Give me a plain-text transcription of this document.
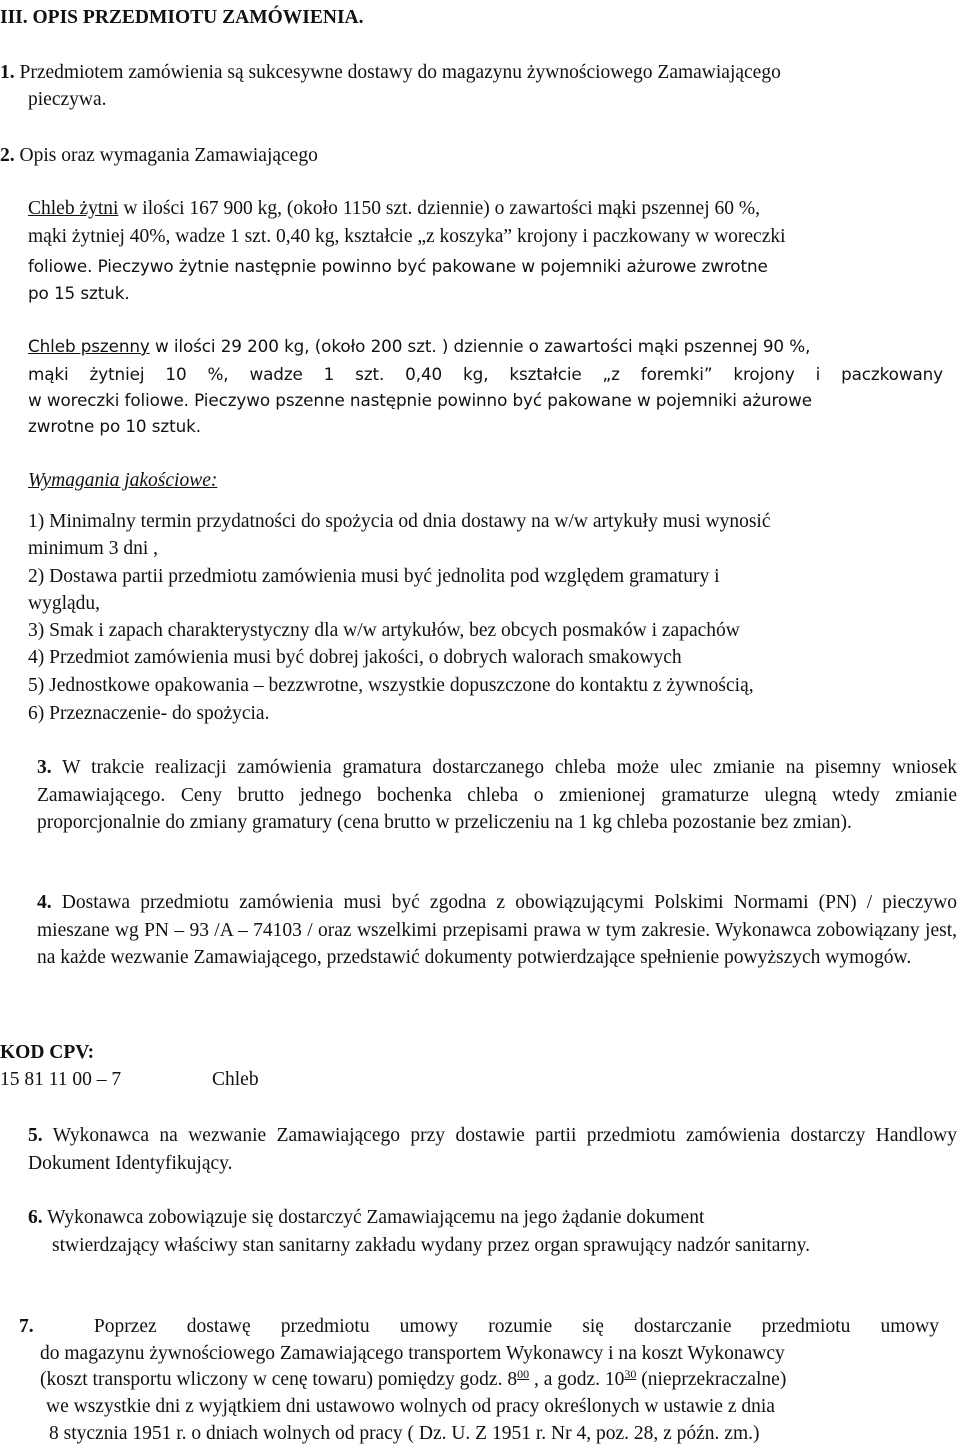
III. OPIS PRZEDMIOTU ZAMÓWIENIA.
1. Przedmiotem zamówienia są sukcesywne dostawy do magazynu żywnościowego Zamawiającego
pieczywa.
2. Opis oraz wymagania Zamawiającego
Chleb żytni w ilości 167 900 kg, (około 1150 szt. dziennie) o zawartości mąki pszennej 60 %,
mąki żytniej 40%, wadze 1 szt. 0,40 kg, kształcie „z koszyka” krojony i paczkowany w woreczki
foliowe. Pieczywo żytnie następnie powinno być pakowane w pojemniki ażurowe zwrotne
po 15 sztuk.
Chleb pszenny w ilości 29 200 kg, (około 200 szt. ) dziennie o zawartości mąki pszennej 90 %,
mąki żytniej 10 %, wadze 1 szt. 0,40 kg, kształcie „z foremki” krojony i paczkowany
w woreczki foliowe. Pieczywo pszenne następnie powinno być pakowane w pojemniki ażurowe
zwrotne po 10 sztuk.
Wymagania jakościowe:
1) Minimalny termin przydatności do spożycia od dnia dostawy na w/w artykuły musi wynosić
minimum 3 dni ,
2) Dostawa partii przedmiotu zamówienia musi być jednolita pod względem gramatury i
wyglądu,
3) Smak i zapach charakterystyczny dla w/w artykułów, bez obcych posmaków i zapachów
4) Przedmiot zamówienia musi być dobrej jakości, o dobrych walorach smakowych
5) Jednostkowe opakowania – bezzwrotne, wszystkie dopuszczone do kontaktu z żywnością,
6) Przeznaczenie- do spożycia.
3. W trakcie realizacji zamówienia gramatura dostarczanego chleba może ulec zmianie na pisemny wniosek Zamawiającego. Ceny brutto jednego bochenka chleba o zmienionej gramaturze ulegną wtedy zmianie proporcjonalnie do zmiany gramatury (cena brutto w przeliczeniu na 1 kg chleba pozostanie bez zmian).
4. Dostawa przedmiotu zamówienia musi być zgodna z obowiązującymi Polskimi Normami (PN) / pieczywo mieszane wg PN – 93 /A – 74103 / oraz wszelkimi przepisami prawa w tym zakresie. Wykonawca zobowiązany jest, na każde wezwanie Zamawiającego, przedstawić dokumenty potwierdzające spełnienie powyższych wymogów.
KOD CPV:
15 81 11 00 – 7	Chleb
5. Wykonawca na wezwanie Zamawiającego przy dostawie partii przedmiotu zamówienia dostarczy Handlowy Dokument Identyfikujący.
6. Wykonawca zobowiązuje się dostarczyć Zamawiającemu na jego żądanie dokument
stwierdzający właściwy stan sanitarny zakładu wydany przez organ sprawujący nadzór sanitarny.
7.	Poprzez dostawę przedmiotu umowy rozumie się dostarczanie przedmiotu umowy
do magazynu żywnościowego Zamawiającego transportem Wykonawcy i na koszt Wykonawcy
(koszt transportu wliczony w cenę towaru) pomiędzy godz. $8^{00}$ , a godz. $10^{30}$ (nieprzekraczalne)
we wszystkie dni z wyjątkiem dni ustawowo wolnych od pracy określonych w ustawie z dnia
8 stycznia 1951 r. o dniach wolnych od pracy ( Dz. U. Z 1951 r. Nr 4, poz. 28, z późn. zm.)
